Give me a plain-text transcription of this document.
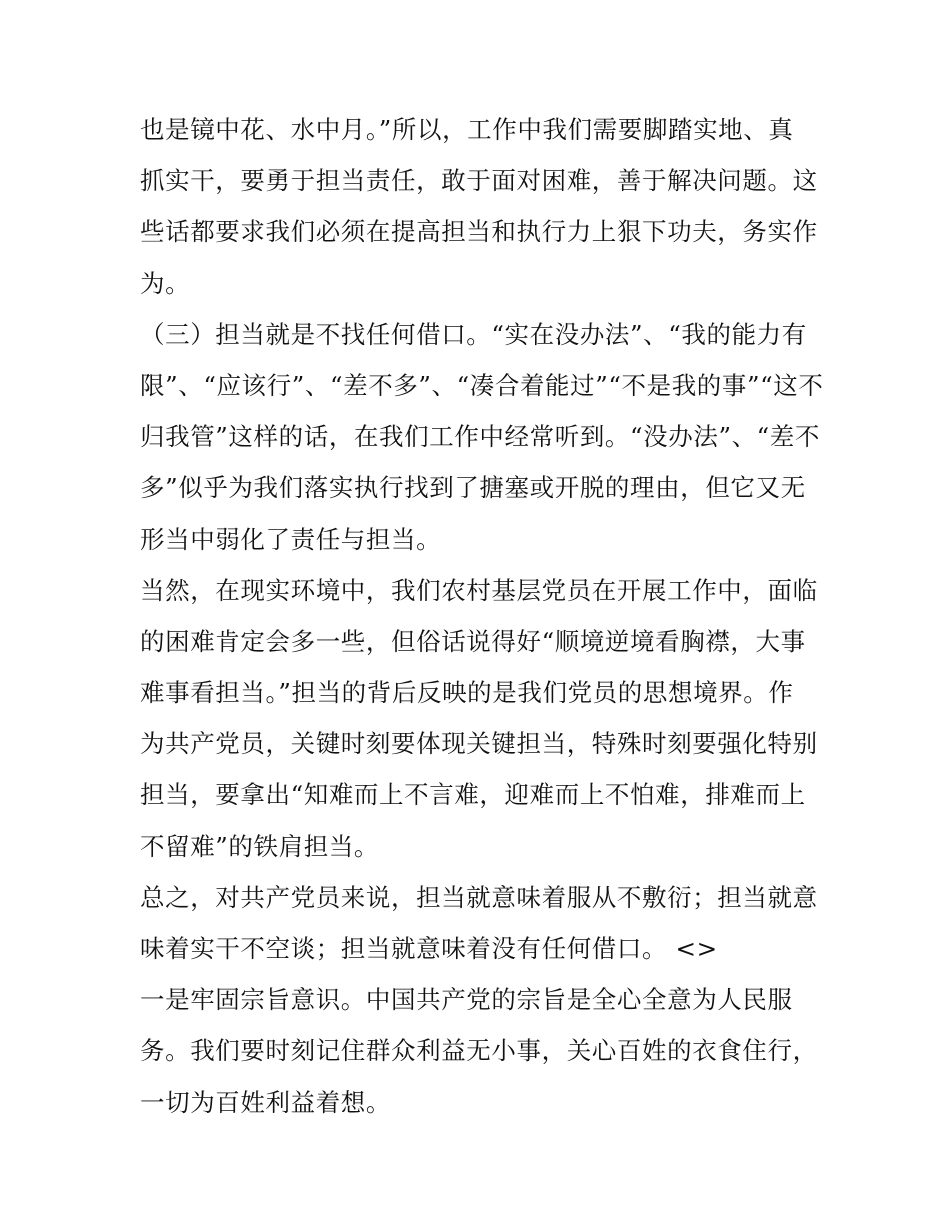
也是镜中花、水中月。”所以，工作中我们需要脚踏实地、真
抓实干，要勇于担当责任，敢于面对困难，善于解决问题。这
些话都要求我们必须在提高担当和执行力上狠下功夫，务实作
为。
（三）担当就是不找任何借口。“实在没办法”、“我的能力有
限”、“应该行”、“差不多”、“凑合着能过”“不是我的事”“这不
归我管”这样的话，在我们工作中经常听到。“没办法”、“差不
多”似乎为我们落实执行找到了搪塞或开脱的理由，但它又无
形当中弱化了责任与担当。
当然，在现实环境中，我们农村基层党员在开展工作中，面临
的困难肯定会多一些，但俗话说得好“顺境逆境看胸襟，大事
难事看担当。”担当的背后反映的是我们党员的思想境界。作
为共产党员，关键时刻要体现关键担当，特殊时刻要强化特别
担当，要拿出“知难而上不言难，迎难而上不怕难，排难而上
不留难”的铁肩担当。
总之，对共产党员来说，担当就意味着服从不敷衍；担当就意
味着实干不空谈；担当就意味着没有任何借口。 <>
一是牢固宗旨意识。中国共产党的宗旨是全心全意为人民服
务。我们要时刻记住群众利益无小事，关心百姓的衣食住行，
一切为百姓利益着想。
